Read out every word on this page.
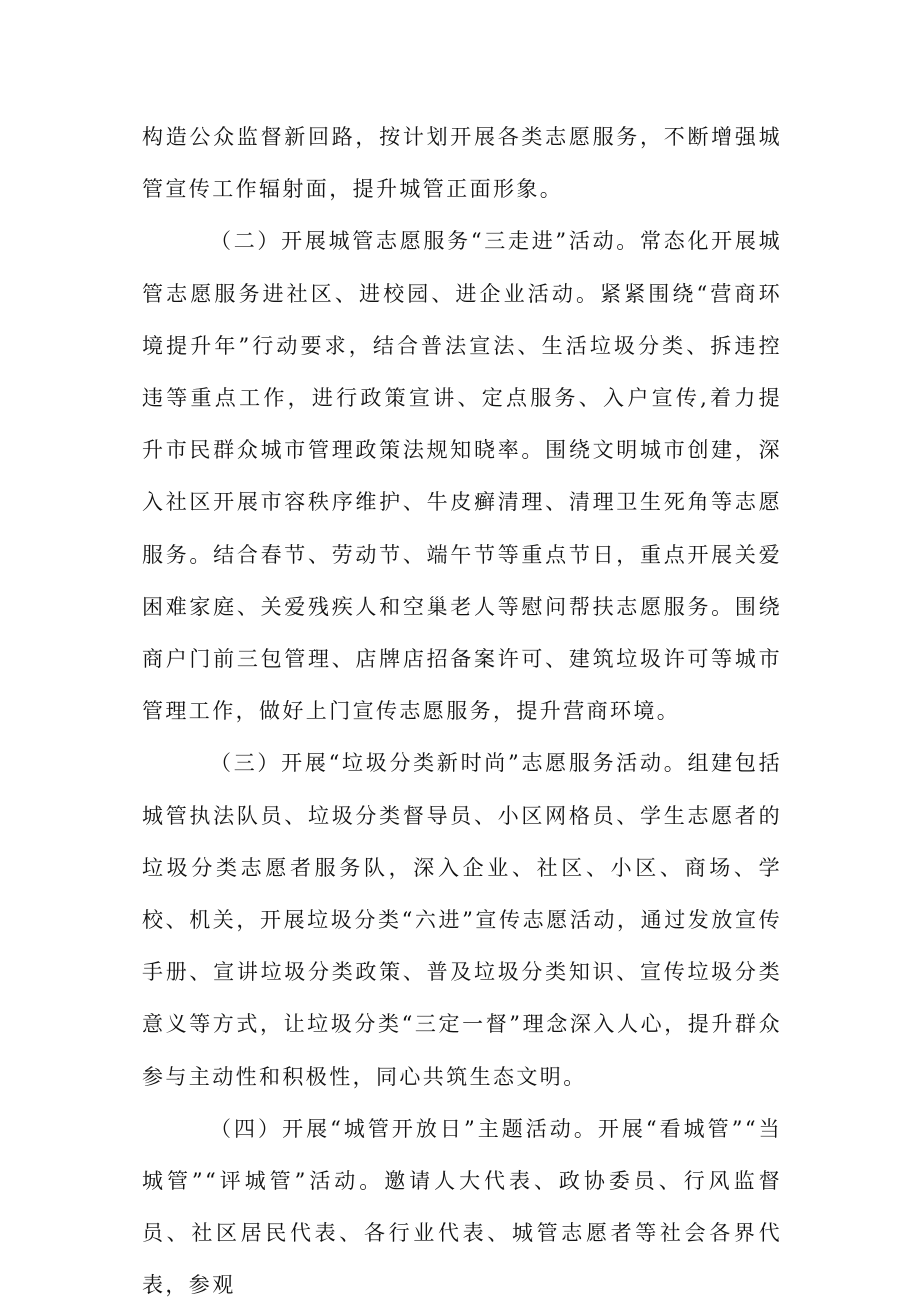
构造公众监督新回路，按计划开展各类志愿服务，不断增强城管宣传工作辐射面，提升城管正面形象。

（二）开展城管志愿服务“三走进”活动。常态化开展城管志愿服务进社区、进校园、进企业活动。紧紧围绕“营商环境提升年”行动要求，结合普法宣法、生活垃圾分类、拆违控违等重点工作，进行政策宣讲、定点服务、入户宣传,着力提升市民群众城市管理政策法规知晓率。围绕文明城市创建，深入社区开展市容秩序维护、牛皮癣清理、清理卫生死角等志愿服务。结合春节、劳动节、端午节等重点节日，重点开展关爱困难家庭、关爱残疾人和空巢老人等慰问帮扶志愿服务。围绕商户门前三包管理、店牌店招备案许可、建筑垃圾许可等城市管理工作，做好上门宣传志愿服务，提升营商环境。

（三）开展“垃圾分类新时尚”志愿服务活动。组建包括城管执法队员、垃圾分类督导员、小区网格员、学生志愿者的垃圾分类志愿者服务队，深入企业、社区、小区、商场、学校、机关，开展垃圾分类“六进”宣传志愿活动，通过发放宣传手册、宣讲垃圾分类政策、普及垃圾分类知识、宣传垃圾分类意义等方式，让垃圾分类“三定一督”理念深入人心，提升群众参与主动性和积极性，同心共筑生态文明。

（四）开展“城管开放日”主题活动。开展“看城管”“当城管”“评城管”活动。邀请人大代表、政协委员、行风监督员、社区居民代表、各行业代表、城管志愿者等社会各界代表，参观
